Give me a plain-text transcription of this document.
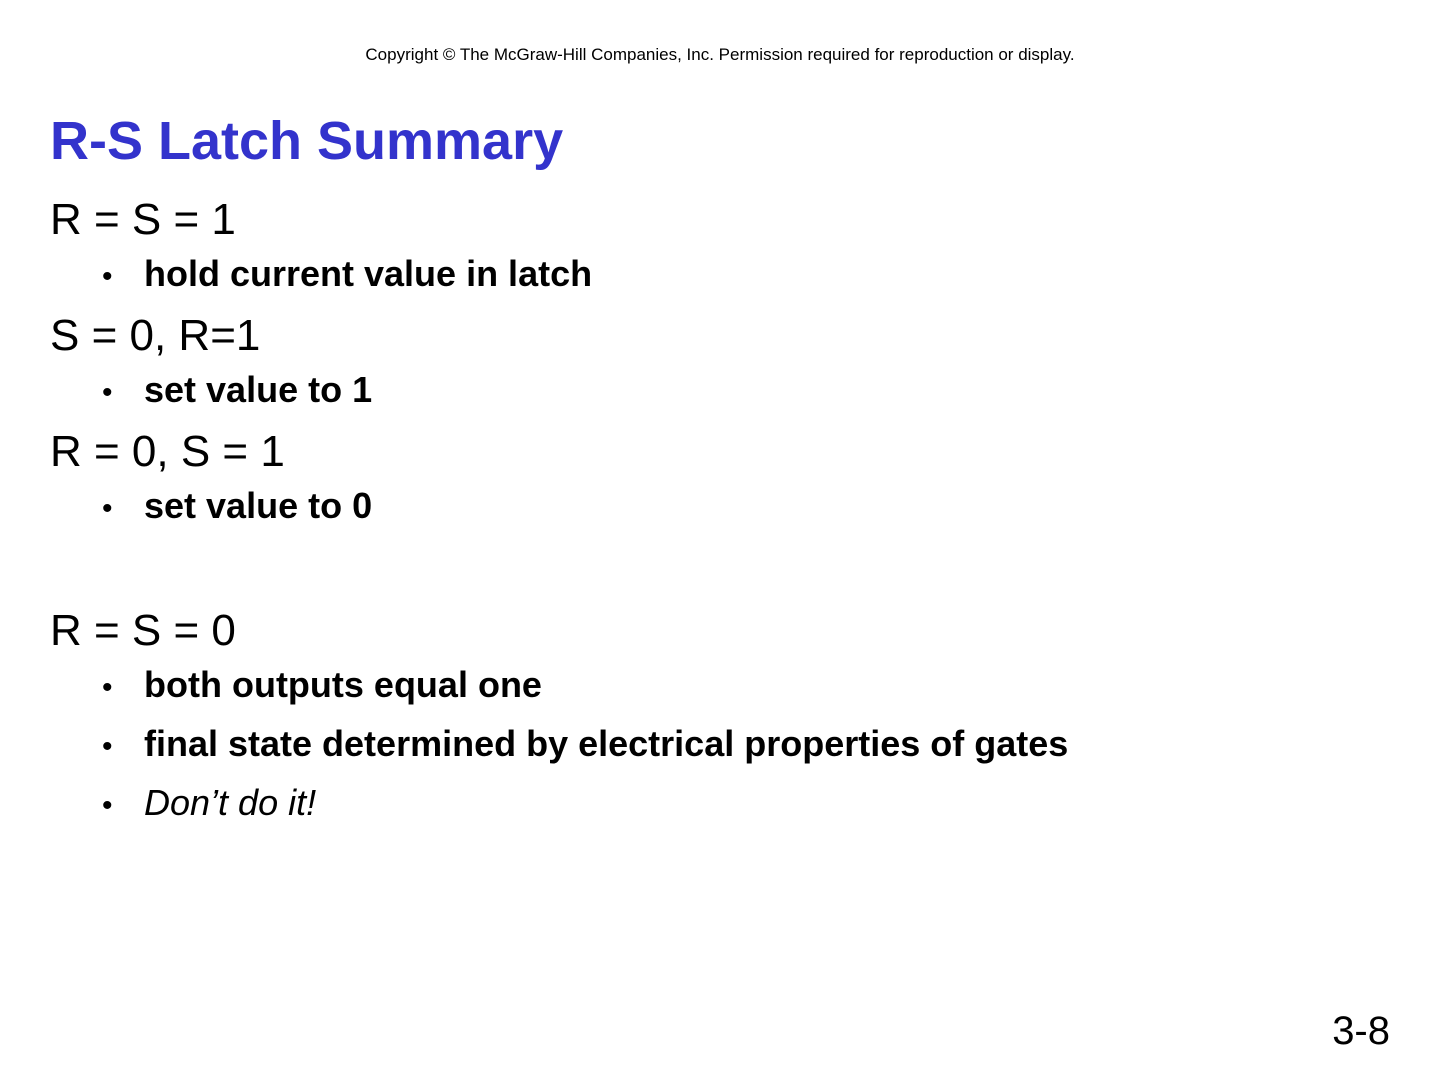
Copyright © The McGraw-Hill Companies, Inc. Permission required for reproduction or display.
R-S Latch Summary

R = S = 1

• hold current value in latch

S = 0, R=1

• set value to 1

R = 0, S = 1

• set value to 0

R = S = 0

• both outputs equal one
• final state determined by electrical properties of gates
• Don’t do it!
3-8
